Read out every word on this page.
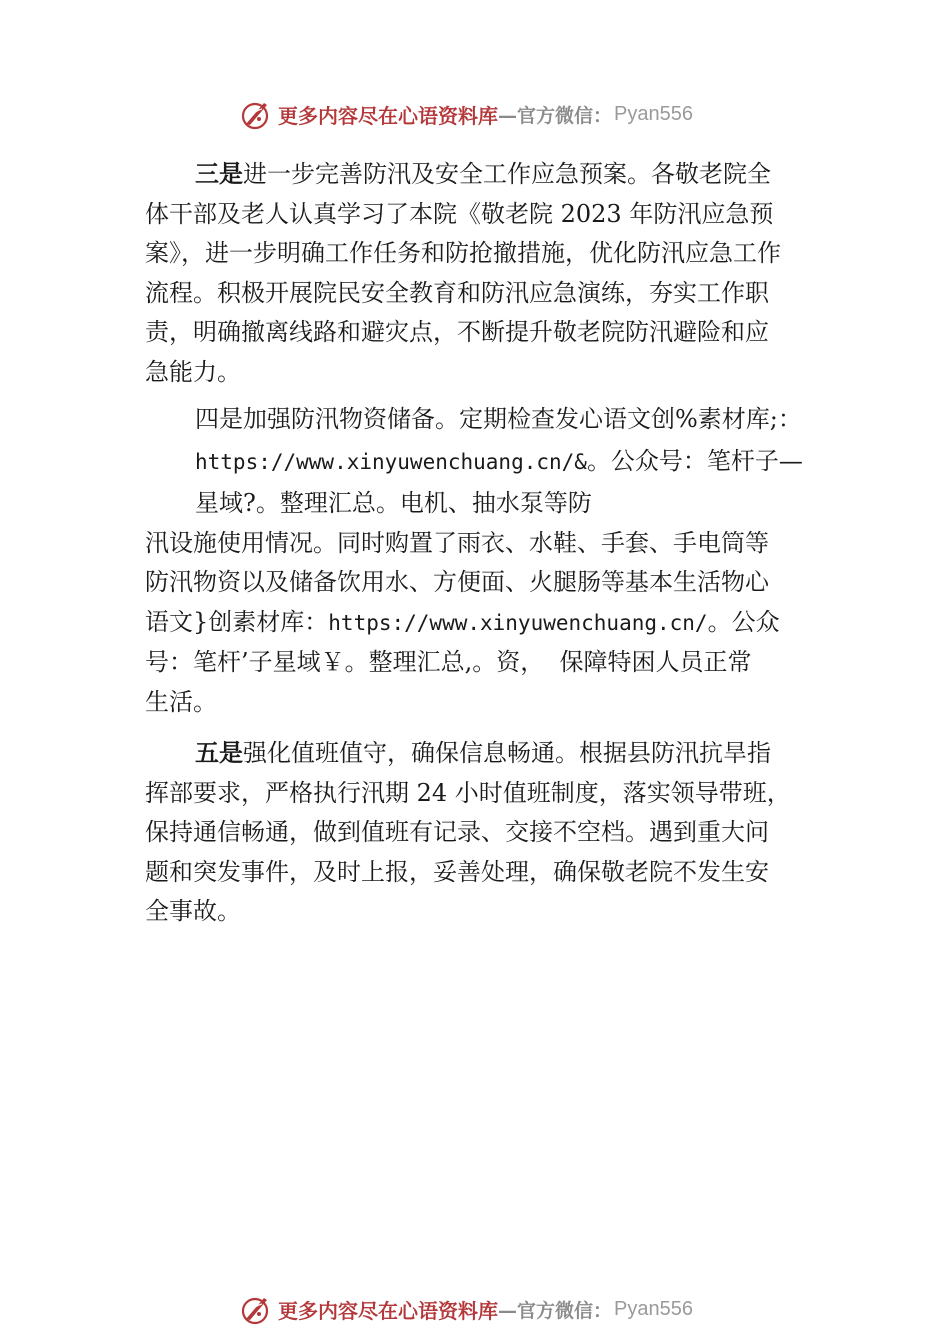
更多内容尽在心语资料库 —官方微信： Pyan556
三是进一步完善防汛及安全工作应急预案。各敬老院全
体干部及老人认真学习了本院《敬老院 2023 年防汛应急预
案》，进一步明确工作任务和防抢撤措施，优化防汛应急工作
流程。积极开展院民安全教育和防汛应急演练，夯实工作职
责，明确撤离线路和避灾点，不断提升敬老院防汛避险和应
急能力。
四是加强防汛物资储备。定期检查发心语文创%素材库;：
https://www.xinyuwenchuang.cn/&。公众号：笔杆子—
星域?。整理汇总。电机、抽水泵等防
汛设施使用情况。同时购置了雨衣、水鞋、手套、手电筒等
防汛物资以及储备饮用水、方便面、火腿肠等基本生活物心
语文}创素材库：https://www.xinyuwenchuang.cn/。公众
号：笔杆’子星域￥。整理汇总,。资，  保障特困人员正常
生活。
五是强化值班值守，确保信息畅通。根据县防汛抗旱指
挥部要求，严格执行汛期 24 小时值班制度，落实领导带班，
保持通信畅通，做到值班有记录、交接不空档。遇到重大问
题和突发事件，及时上报，妥善处理，确保敬老院不发生安
全事故。
更多内容尽在心语资料库 —官方微信： Pyan556
